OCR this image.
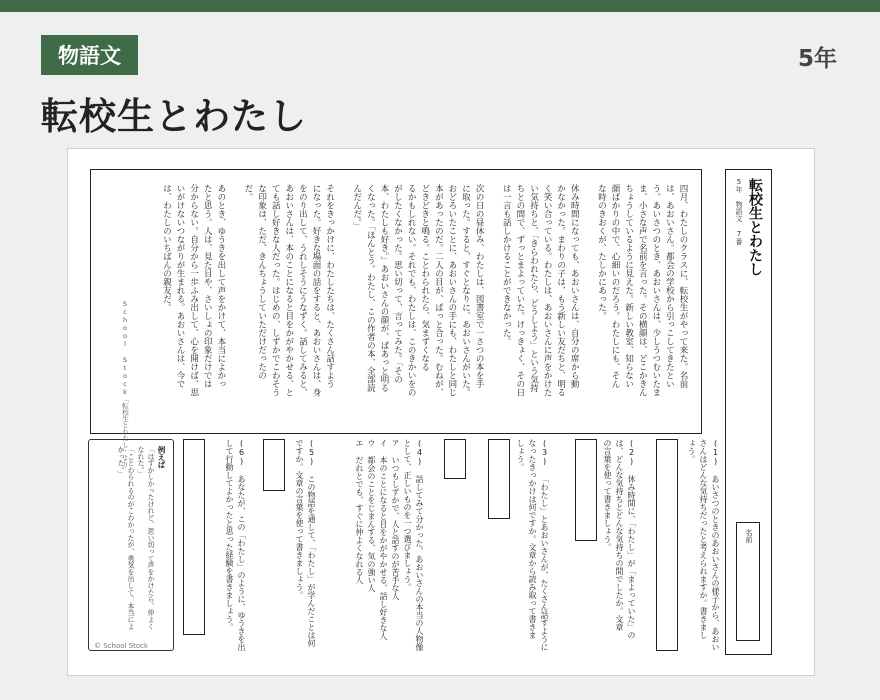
物語文	5年
転校生とわたし
転校生とわたし
5年 物語文 7番
名前
四月、わたしのクラスに、転校生がやって来た。名前
は、あおいさん。都会の学校から引っこしてきたとい
う。あいさつのとき、あおいさんは、少しうつむいたま
ま、小さな声で名前を言った。その横顔は、どこかきん
ちょうしているように見えた。新しい教室、知らない
顔ばかりの中で、心細いのだろう。わたしにも、そん
な時のきおくが、たしかにあった。

休み時間になっても、あおいさんは、自分の席から動
かなかった。まわりの子は、もう新しい友だちと、明る
く笑い合っている。わたしは、あおいさんに声をかけた
い気持ちと、「きらわれたら、どうしよう」という気持
ちとの間で、ずっとまよっていた。けっきょく、その日
は一言も話しかけることができなかった。

次の日の昼休み、わたしは、図書室で一さつの本を手
に取った。すると、すぐとなりに、あおいさんがいた。
おどろいたことに、あおいさんの手にも、わたしと同じ
本があったのだ。二人の目が、ぱっと合った。むねが、
どきどきと鳴る。ことわられたら、気まずくなる
るかもしれない。それでも、わたしは、このきかいをの
がしたくなかった。思い切って、言ってみた。「その
本、わたしも好き。」あおいさんの顔が、ぱあっと明る
くなった。「ほんとう。わたし、この作者の本、全部読
んだんだ。」

それをきっかけに、わたしたちは、たくさん話すよう
になった。好きな場面の話をすると、あおいさんは、身
をのり出して、うれしそうにうなずく。話してみると、
あおいさんは、本のことになると目をかがやかせる、と
ても話し好きな人だった。はじめの、しずかでこわそう
な印象は、ただ、きんちょうしていただけだったの
だ。

あのとき、ゆうきを出して声をかけて、本当によかっ
たと思う。人は、見た目や、さいしょの印象だけでは
分からない。自分から一歩ふみ出して、心を開けば、思
いがけないつながりが生まれる。あおいさんは、今で
は、わたしのいちばんの親友だ。
School Stock「転校生とわたし」より	(1) あいさつのときのあおいさんの様子から、あおい
さんはどんな気持ちだったと考えられますか。書きまし
ょう。
(2) 休み時間に、「わたし」が「まよっていた」の
は、どんな気持ちとどんな気持ちの間でしたか。文章
の言葉を使って書きましょう。
(3) 「わたし」とあおいさんが、たくさん話すように
なったきっかけは何ですか。文章から読み取って書きま
しょう。
(4) 話してみて分かった、あおいさんの本当の人物像
として、正しいものを一つ選びましょう。
ア いつもしずかで、人と話すのが苦手な人
イ 本のことになると目をかがやかせる、話し好きな人
ウ 都会のことをじまんする、気の強い人
エ だれとでも、すぐに仲よくなれる人
(5) この物語を通して、「わたし」が学んだことは何
ですか。文章の言葉を使って書きましょう。
(6) あなたが、この「わたし」のように、ゆうきを出
して行動してよかったと思った経験を書きましょう。
例えば
「はずかしかったけれど、思い切って声をかけたら、仲よく
なれた。」
「ことわられるのがこわかったが、勇気を出して、本当によ
かった。」
© School Stock
